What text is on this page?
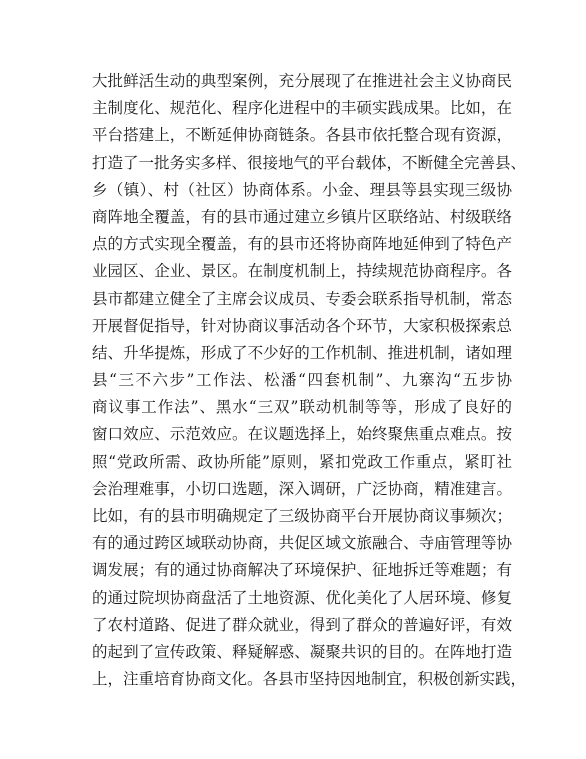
大批鲜活生动的典型案例，充分展现了在推进社会主义协商民
主制度化、规范化、程序化进程中的丰硕实践成果。比如，在
平台搭建上，不断延伸协商链条。各县市依托整合现有资源，
打造了一批务实多样、很接地气的平台载体，不断健全完善县、
乡（镇）、村（社区）协商体系。小金、理县等县实现三级协
商阵地全覆盖，有的县市通过建立乡镇片区联络站、村级联络
点的方式实现全覆盖，有的县市还将协商阵地延伸到了特色产
业园区、企业、景区。在制度机制上，持续规范协商程序。各
县市都建立健全了主席会议成员、专委会联系指导机制，常态
开展督促指导，针对协商议事活动各个环节，大家积极探索总
结、升华提炼，形成了不少好的工作机制、推进机制，诸如理
县“三不六步”工作法、松潘“四套机制”、九寨沟“五步协
商议事工作法”、黑水“三双”联动机制等等，形成了良好的
窗口效应、示范效应。在议题选择上，始终聚焦重点难点。按
照“党政所需、政协所能”原则，紧扣党政工作重点，紧盯社
会治理难事，小切口选题，深入调研，广泛协商，精准建言。
比如，有的县市明确规定了三级协商平台开展协商议事频次；
有的通过跨区域联动协商，共促区域文旅融合、寺庙管理等协
调发展；有的通过协商解决了环境保护、征地拆迁等难题；有
的通过院坝协商盘活了土地资源、优化美化了人居环境、修复
了农村道路、促进了群众就业，得到了群众的普遍好评，有效
的起到了宣传政策、释疑解惑、凝聚共识的目的。在阵地打造
上，注重培育协商文化。各县市坚持因地制宜，积极创新实践，
